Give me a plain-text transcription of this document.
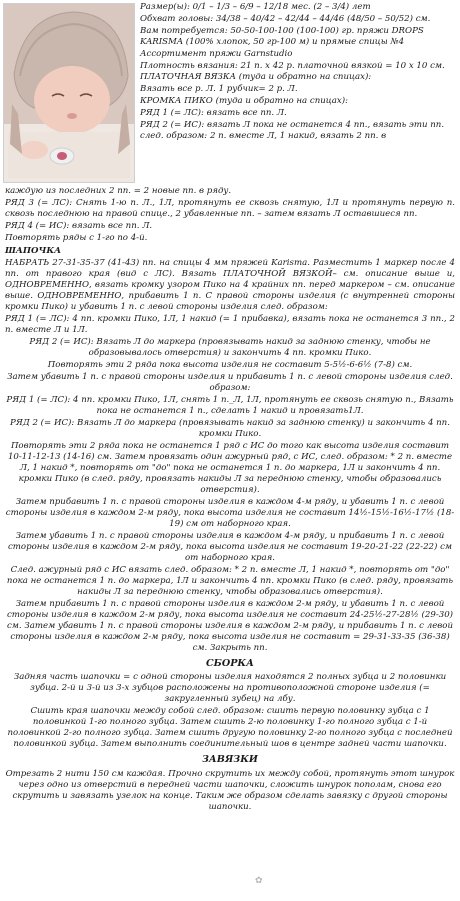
Размер(ы): 0/1 – 1/3 – 6/9 – 12/18 мес. (2 – 3/4) лет

Обхват головы: 34/38 – 40/42 – 42/44 – 44/46 (48/50 – 50/52) см.

Вам потребуется: 50-50-100-100 (100-100) гр. пряжи DROPS KARISMA (100% хлопок, 50 гр-100 м) и прямые спицы №4

Ассортимент пряжи Garnstudio

Плотность вязания: 21 п. x 42 р. платочной вязкой = 10 x 10 см. ПЛАТОЧНАЯ ВЯЗКА (туда и обратно на спицах):

Вязать все р. Л. 1 рубчик= 2 р. Л.

КРОМКА ПИКО (туда и обратно на спицах):

РЯД 1 (= ЛС): вязать все пп. Л.

РЯД 2 (= ИС): вязать Л пока не останется 4 пп., вязать эти пп. след. образом: 2 п. вместе Л, 1 накид, вязать 2 пп. в

каждую из последних 2 пп. = 2 новые пп. в ряду.

РЯД 3 (= ЛС): Снять 1-ю п. Л., 1Л, протянуть ее сквозь снятую, 1Л и протянуть первую п. сквозь последнюю на правой спице., 2 убавленные пп. – затем вязать Л оставшиеся пп.

РЯД 4 (= ИС): вязать все пп. Л.

Повторять ряды с 1-го по 4-й.

ШАПОЧКА

НАБРАТЬ 27-31-35-37 (41-43) пп. на спицы 4 мм пряжей Karisma. Разместить 1 маркер после 4 пп. от правого края (вид с ЛС). Вязать ПЛАТОЧНОЙ ВЯЗКОЙ– см. описание выше и, ОДНОВРЕМЕННО, вязать кромку узором Пико на 4 крайних пп. перед маркером – см. описание выше. ОДНОВРЕМЕННО, прибавить 1 п. С правой стороны изделия (с внутренней стороны кромки Пико) и убавить 1 п. с левой стороны изделия след. образом:

РЯД 1 (= ЛС): 4 пп. кромки Пико, 1Л, 1 накид (= 1 прибавка), вязать пока не останется 3 пп., 2 п. вместе Л и 1Л.

РЯД 2 (= ИС): Вязать Л до маркера (провязывать накид за заднюю стенку, чтобы не образовывалось отверстия) и закончить 4 пп. кромки Пико.

Повторять эти 2 ряда пока высота изделия не составит 5-5½-6-6½ (7-8) см.

Затем убавить 1 п. с правой стороны изделия и прибавить 1 п. с левой стороны изделия след. образом:

РЯД 1 (= ЛС): 4 пп. кромки Пико, 1Л, снять 1 п._Л, 1Л, протянуть ее сквозь снятую п., Вязать пока не останется 1 п., сделать 1 накид и провязать1Л.

РЯД 2 (= ИС): Вязать Л до маркера (провязывать накид за заднюю стенку) и закончить 4 пп. кромки Пико.

Повторять эти 2 ряда пока не останется 1 ряд с ИС до того как высота изделия составит 10-11-12-13 (14-16) см. Затем провязать один ажурный ряд, с ИС, след. образом: * 2 п. вместе Л, 1 накид *, повторять от "до" пока не останется 1 п. до маркера, 1Л и закончить 4 пп. кромки Пико (в след. ряду, провязать накиды Л за переднюю стенку, чтобы образовались отверстия).

Затем прибавить 1 п. с правой стороны изделия в каждом 4-м ряду, и убавить 1 п. с левой стороны изделия в каждом 2-м ряду, пока высота изделия не составит 14½-15½-16½-17½ (18-19) см от наборного края.

Затем убавить 1 п. с правой стороны изделия в каждом 4-м ряду, и прибавить 1 п. с левой стороны изделия в каждом 2-м ряду, пока высота изделия не составит 19-20-21-22 (22-22) см от наборного края.

След. ажурный ряд с ИС вязать след. образом: * 2 п. вместе Л, 1 накид *, повторять от "до" пока не останется 1 п. до маркера, 1Л и закончить 4 пп. кромки Пико (в след. ряду, провязать накиды Л за переднюю стенку, чтобы образовались отверстия).

Затем прибавить 1 п. с правой стороны изделия в каждом 2-м ряду, и убавить 1 п. с левой стороны изделия в каждом 2-м ряду, пока высота изделия не составит 24-25½-27-28½ (29-30) см. Затем убавить 1 п. с правой стороны изделия в каждом 2-м ряду, и прибавить 1 п. с левой стороны изделия в каждом 2-м ряду, пока высота изделия не составит = 29-31-33-35 (36-38) см. Закрыть пп.

СБОРКА

Задняя часть шапочки = с одной стороны изделия находятся 2 полных зубца и 2 половинки зубца. 2-й и 3-й из 3-х зубцов расположены на противоположной стороне изделия (= закругленный зубец) на лбу.

Сшить края шапочки между собой след. образом: сшить первую половинку зубца с 1 половинкой 1-го полного зубца. Затем сшить 2-ю половинку 1-го полного зубца с 1-й половинкой 2-го полного зубца. Затем сшить другую половинку 2-го полного зубца с последней половинкой зубца. Затем выполнить соединительный шов в центре задней части шапочки.

ЗАВЯЗКИ

Отрезать 2 нити 150 см каждая. Прочно скрутить их между собой, протянуть этот шнурок через одно из отверстий в передней части шапочки, сложить шнурок пополам, снова его скрутить и завязать узелок на конце. Таким же образом сделать завязку с другой стороны шапочки.

✿
